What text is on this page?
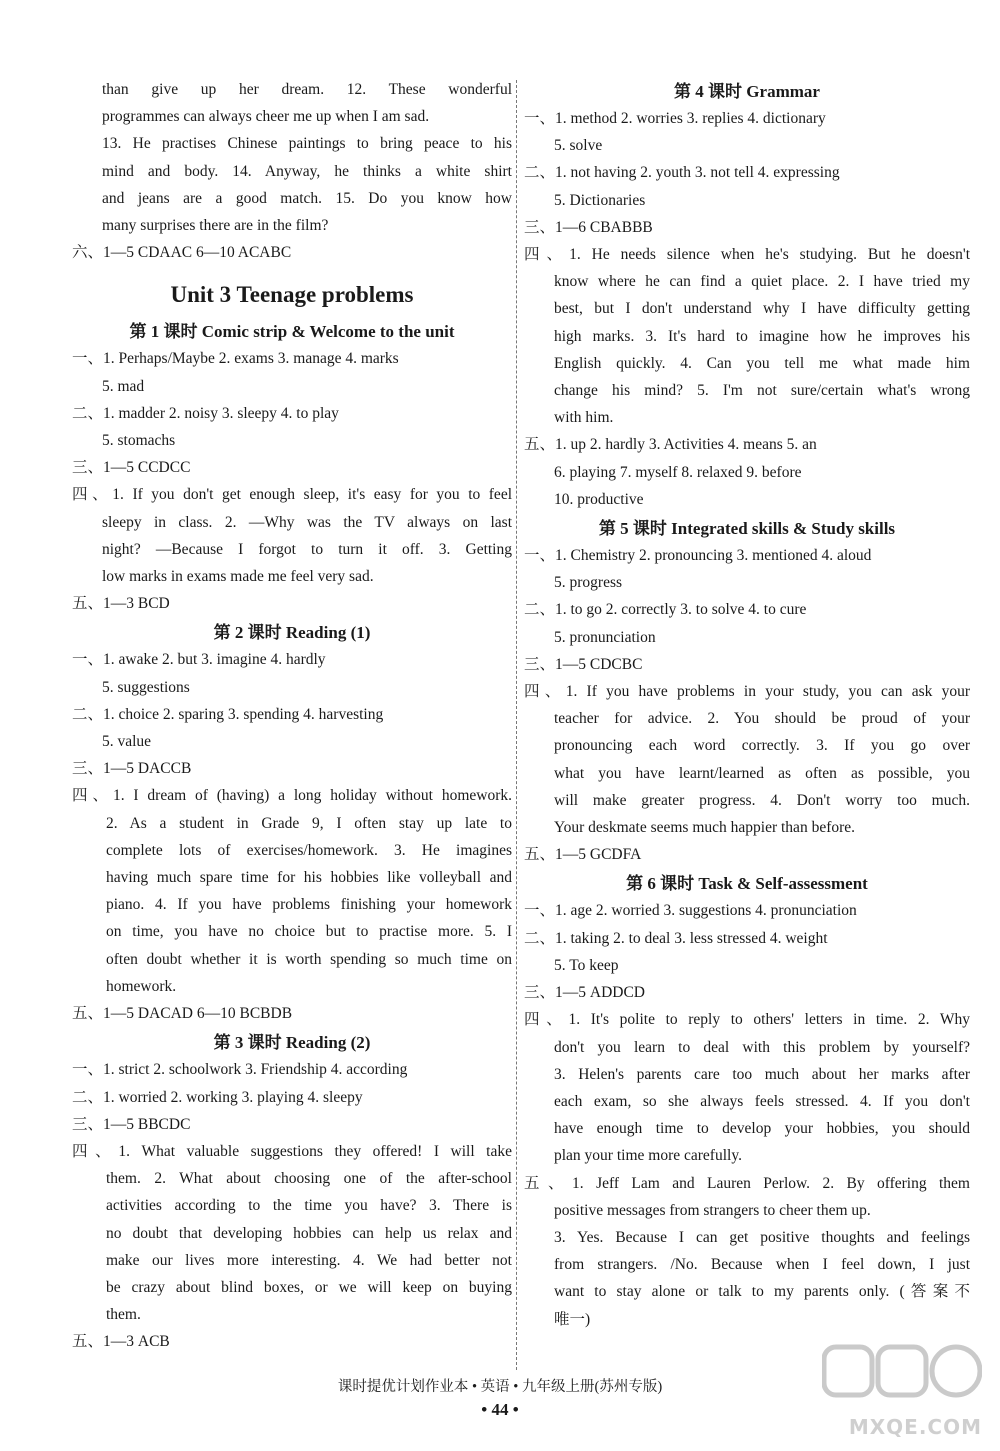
than give up her dream. 12. These wonderful
programmes can always cheer me up when I am sad.
13. He practises Chinese paintings to bring peace to his
mind and body. 14. Anyway, he thinks a white shirt
and jeans are a good match. 15. Do you know how
many surprises there are in the film?
六、1—5 CDAAC 6—10 ACABC
Unit 3 Teenage problems
第 1 课时 Comic strip & Welcome to the unit
一、1. Perhaps/Maybe 2. exams 3. manage 4. marks
5. mad
二、1. madder 2. noisy 3. sleepy 4. to play
5. stomachs
三、1—5 CCDCC
四、1. If you don't get enough sleep, it's easy for you to feel
sleepy in class. 2. —Why was the TV always on last
night? —Because I forgot to turn it off. 3. Getting
low marks in exams made me feel very sad.
五、1—3 BCD
第 2 课时 Reading (1)
一、1. awake 2. but 3. imagine 4. hardly
5. suggestions
二、1. choice 2. sparing 3. spending 4. harvesting
5. value
三、1—5 DACCB
四、1. I dream of (having) a long holiday without homework.
2. As a student in Grade 9, I often stay up late to
complete lots of exercises/homework. 3. He imagines
having much spare time for his hobbies like volleyball and
piano. 4. If you have problems finishing your homework
on time, you have no choice but to practise more. 5. I
often doubt whether it is worth spending so much time on
homework.
五、1—5 DACAD 6—10 BCBDB
第 3 课时 Reading (2)
一、1. strict 2. schoolwork 3. Friendship 4. according
二、1. worried 2. working 3. playing 4. sleepy
三、1—5 BBCDC
四、1. What valuable suggestions they offered! I will take
them. 2. What about choosing one of the after-school
activities according to the time you have? 3. There is
no doubt that developing hobbies can help us relax and
make our lives more interesting. 4. We had better not
be crazy about blind boxes, or we will keep on buying
them.
五、1—3 ACB
第 4 课时 Grammar
一、1. method 2. worries 3. replies 4. dictionary
5. solve
二、1. not having 2. youth 3. not tell 4. expressing
5. Dictionaries
三、1—6 CBABBB
四、1. He needs silence when he's studying. But he doesn't
know where he can find a quiet place. 2. I have tried my
best, but I don't understand why I have difficulty getting
high marks. 3. It's hard to imagine how he improves his
English quickly. 4. Can you tell me what made him
change his mind? 5. I'm not sure/certain what's wrong
with him.
五、1. up 2. hardly 3. Activities 4. means 5. an
6. playing 7. myself 8. relaxed 9. before
10. productive
第 5 课时 Integrated skills & Study skills
一、1. Chemistry 2. pronouncing 3. mentioned 4. aloud
5. progress
二、1. to go 2. correctly 3. to solve 4. to cure
5. pronunciation
三、1—5 CDCBC
四、1. If you have problems in your study, you can ask your
teacher for advice. 2. You should be proud of your
pronouncing each word correctly. 3. If you go over
what you have learnt/learned as often as possible, you
will make greater progress. 4. Don't worry too much.
Your deskmate seems much happier than before.
五、1—5 GCDFA
第 6 课时 Task & Self-assessment
一、1. age 2. worried 3. suggestions 4. pronunciation
二、1. taking 2. to deal 3. less stressed 4. weight
5. To keep
三、1—5 ADDCD
四、1. It's polite to reply to others' letters in time. 2. Why
don't you learn to deal with this problem by yourself?
3. Helen's parents care too much about her marks after
each exam, so she always feels stressed. 4. If you don't
have enough time to develop your hobbies, you should
plan your time more carefully.
五、1. Jeff Lam and Lauren Perlow. 2. By offering them
positive messages from strangers to cheer them up.
3. Yes. Because I can get positive thoughts and feelings
from strangers. /No. Because when I feel down, I just
want to stay alone or talk to my parents only. (答案不
唯一)
课时提优计划作业本 • 英语 • 九年级上册(苏州专版)
• 44 •
MXQE.COM
